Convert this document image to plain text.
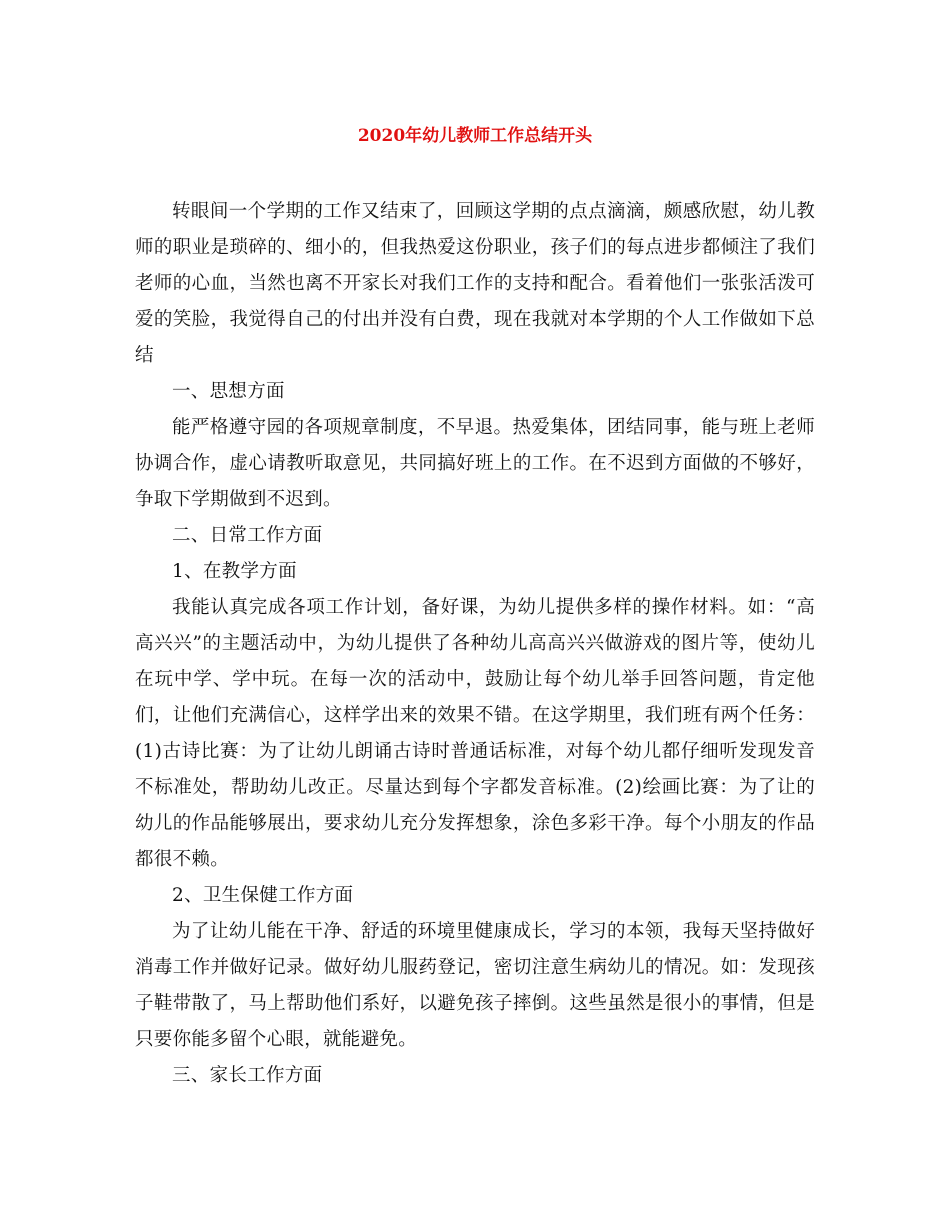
2020年幼儿教师工作总结开头

转眼间一个学期的工作又结束了，回顾这学期的点点滴滴，颇感欣慰，幼儿教师的职业是琐碎的、细小的，但我热爱这份职业，孩子们的每点进步都倾注了我们老师的心血，当然也离不开家长对我们工作的支持和配合。看着他们一张张活泼可爱的笑脸，我觉得自己的付出并没有白费，现在我就对本学期的个人工作做如下总结

一、思想方面

能严格遵守园的各项规章制度，不早退。热爱集体，团结同事，能与班上老师协调合作，虚心请教听取意见，共同搞好班上的工作。在不迟到方面做的不够好，争取下学期做到不迟到。

二、日常工作方面

1、在教学方面

我能认真完成各项工作计划，备好课，为幼儿提供多样的操作材料。如：“高高兴兴”的主题活动中，为幼儿提供了各种幼儿高高兴兴做游戏的图片等，使幼儿在玩中学、学中玩。在每一次的活动中，鼓励让每个幼儿举手回答问题，肯定他们，让他们充满信心，这样学出来的效果不错。在这学期里，我们班有两个任务：(1)古诗比赛：为了让幼儿朗诵古诗时普通话标准，对每个幼儿都仔细听发现发音不标准处，帮助幼儿改正。尽量达到每个字都发音标准。(2)绘画比赛：为了让的幼儿的作品能够展出，要求幼儿充分发挥想象，涂色多彩干净。每个小朋友的作品都很不赖。

2、卫生保健工作方面

为了让幼儿能在干净、舒适的环境里健康成长，学习的本领，我每天坚持做好消毒工作并做好记录。做好幼儿服药登记，密切注意生病幼儿的情况。如：发现孩子鞋带散了，马上帮助他们系好，以避免孩子摔倒。这些虽然是很小的事情，但是只要你能多留个心眼，就能避免。

三、家长工作方面
